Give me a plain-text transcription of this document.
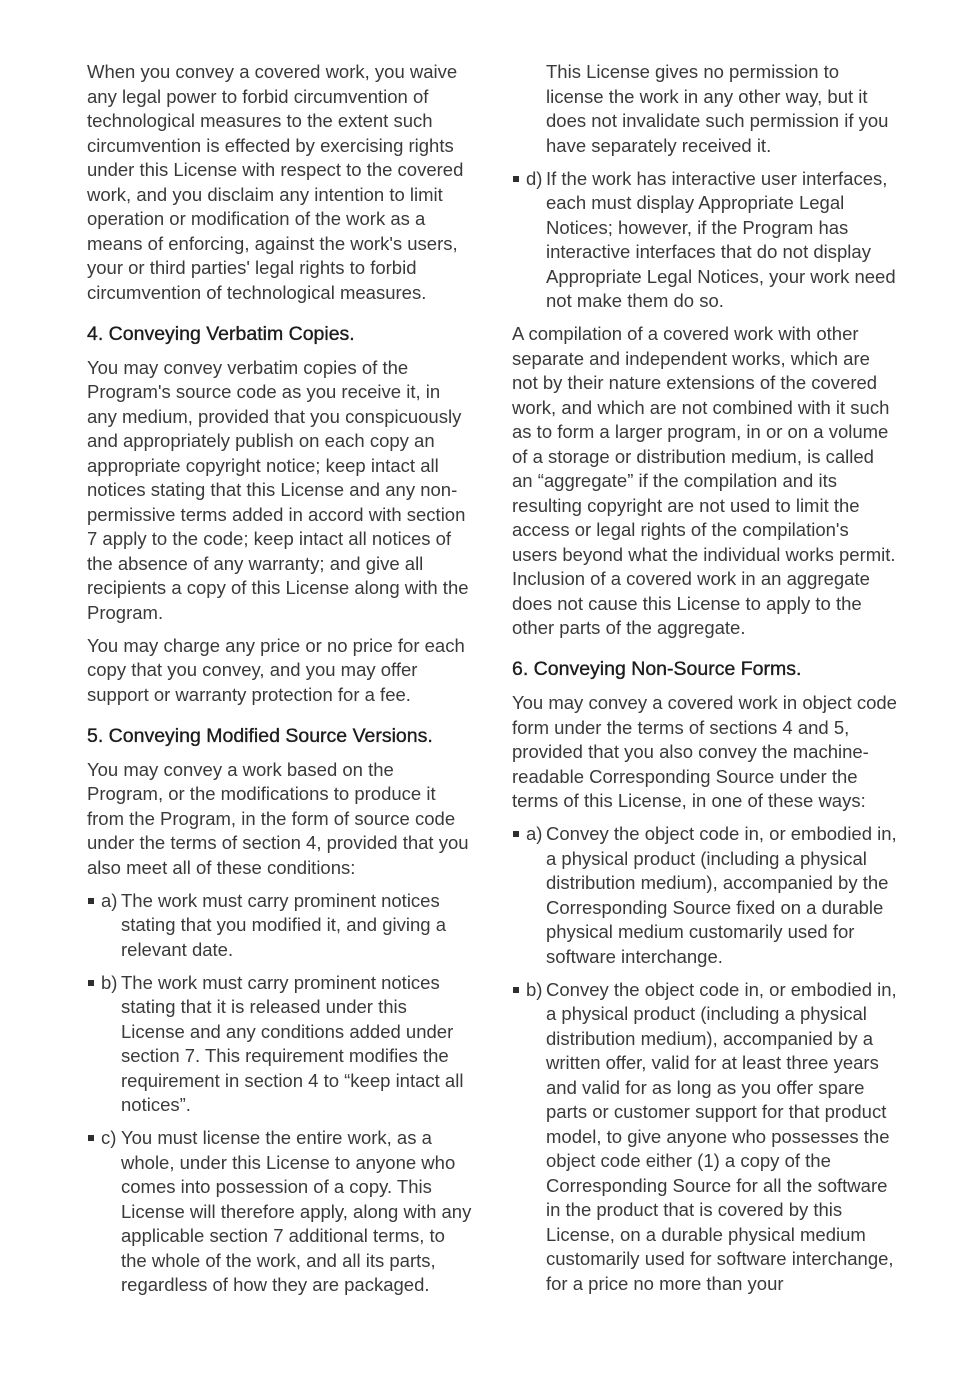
When you convey a covered work, you waive any legal power to forbid circumvention of technological measures to the extent such circumvention is effected by exercising rights under this License with respect to the covered work, and you disclaim any intention to limit operation or modification of the work as a means of enforcing, against the work's users, your or third parties' legal rights to forbid circumvention of technological measures.

4. Conveying Verbatim Copies.

You may convey verbatim copies of the Program's source code as you receive it, in any medium, provided that you conspicuously and appropriately publish on each copy an appropriate copyright notice; keep intact all notices stating that this License and any non-permissive terms added in accord with section 7 apply to the code; keep intact all notices of the absence of any warranty; and give all recipients a copy of this License along with the Program.

You may charge any price or no price for each copy that you convey, and you may offer support or warranty protection for a fee.

5. Conveying Modified Source Versions.

You may convey a work based on the Program, or the modifications to produce it from the Program, in the form of source code under the terms of section 4, provided that you also meet all of these conditions:

a) The work must carry prominent notices stating that you modified it, and giving a relevant date.
b) The work must carry prominent notices stating that it is released under this License and any conditions added under section 7. This requirement modifies the requirement in section 4 to “keep intact all notices”.
c) You must license the entire work, as a whole, under this License to anyone who comes into possession of a copy. This License will therefore apply, along with any applicable section 7 additional terms, to the whole of the work, and all its parts, regardless of how they are packaged.

This License gives no permission to license the work in any other way, but it does not invalidate such permission if you have separately received it.

d) If the work has interactive user interfaces, each must display Appropriate Legal Notices; however, if the Program has interactive interfaces that do not display Appropriate Legal Notices, your work need not make them do so.

A compilation of a covered work with other separate and independent works, which are not by their nature extensions of the covered work, and which are not combined with it such as to form a larger program, in or on a volume of a storage or distribution medium, is called an “aggregate” if the compilation and its resulting copyright are not used to limit the access or legal rights of the compilation's users beyond what the individual works permit. Inclusion of a covered work in an aggregate does not cause this License to apply to the other parts of the aggregate.

6. Conveying Non-Source Forms.

You may convey a covered work in object code form under the terms of sections 4 and 5, provided that you also convey the machine-readable Corresponding Source under the terms of this License, in one of these ways:

a) Convey the object code in, or embodied in, a physical product (including a physical distribution medium), accompanied by the Corresponding Source fixed on a durable physical medium customarily used for software interchange.
b) Convey the object code in, or embodied in, a physical product (including a physical distribution medium), accompanied by a written offer, valid for at least three years and valid for as long as you offer spare parts or customer support for that product model, to give anyone who possesses the object code either (1) a copy of the Corresponding Source for all the software in the product that is covered by this License, on a durable physical medium customarily used for software interchange, for a price no more than your
